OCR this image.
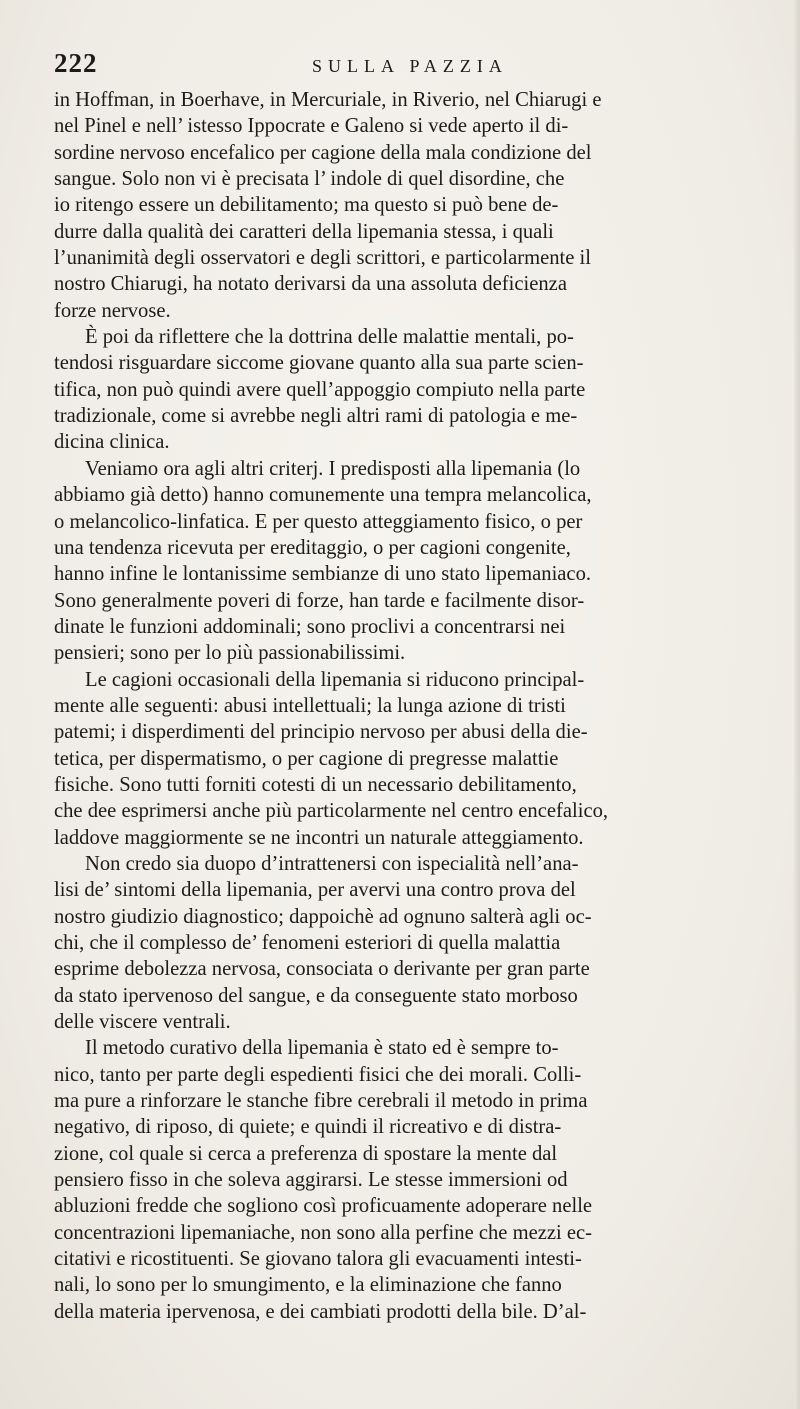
222	SULLA PAZZIA
in Hoffman, in Boerhave, in Mercuriale, in Riverio, nel Chiarugi e
nel Pinel e nell’ istesso Ippocrate e Galeno si vede aperto il di-
sordine nervoso encefalico per cagione della mala condizione del
sangue. Solo non vi è precisata l’ indole di quel disordine, che
io ritengo essere un debilitamento; ma questo si può bene de-
durre dalla qualità dei caratteri della lipemania stessa, i quali
l’unanimità degli osservatori e degli scrittori, e particolarmente il
nostro Chiarugi, ha notato derivarsi da una assoluta deficienza
forze nervose.
È poi da riflettere che la dottrina delle malattie mentali, po-
tendosi risguardare siccome giovane quanto alla sua parte scien-
tifica, non può quindi avere quell’appoggio compiuto nella parte
tradizionale, come si avrebbe negli altri rami di patologia e me-
dicina clinica.
Veniamo ora agli altri criterj. I predisposti alla lipemania (lo
abbiamo già detto) hanno comunemente una tempra melancolica,
o melancolico-linfatica. E per questo atteggiamento fisico, o per
una tendenza ricevuta per ereditaggio, o per cagioni congenite,
hanno infine le lontanissime sembianze di uno stato lipemaniaco.
Sono generalmente poveri di forze, han tarde e facilmente disor-
dinate le funzioni addominali; sono proclivi a concentrarsi nei
pensieri; sono per lo più passionabilissimi.
Le cagioni occasionali della lipemania si riducono principal-
mente alle seguenti: abusi intellettuali; la lunga azione di tristi
patemi; i disperdimenti del principio nervoso per abusi della die-
tetica, per dispermatismo, o per cagione di pregresse malattie
fisiche. Sono tutti forniti cotesti di un necessario debilitamento,
che dee esprimersi anche più particolarmente nel centro encefalico,
laddove maggiormente se ne incontri un naturale atteggiamento.
Non credo sia duopo d’intrattenersi con ispecialità nell’ana-
lisi de’ sintomi della lipemania, per avervi una contro prova del
nostro giudizio diagnostico; dappoichè ad ognuno salterà agli oc-
chi, che il complesso de’ fenomeni esteriori di quella malattia
esprime debolezza nervosa, consociata o derivante per gran parte
da stato ipervenoso del sangue, e da conseguente stato morboso
delle viscere ventrali.
Il metodo curativo della lipemania è stato ed è sempre to-
nico, tanto per parte degli espedienti fisici che dei morali. Colli-
ma pure a rinforzare le stanche fibre cerebrali il metodo in prima
negativo, di riposo, di quiete; e quindi il ricreativo e di distra-
zione, col quale si cerca a preferenza di spostare la mente dal
pensiero fisso in che soleva aggirarsi. Le stesse immersioni od
abluzioni fredde che sogliono così proficuamente adoperare nelle
concentrazioni lipemaniache, non sono alla perfine che mezzi ec-
citativi e ricostituenti. Se giovano talora gli evacuamenti intesti-
nali, lo sono per lo smungimento, e la eliminazione che fanno
della materia ipervenosa, e dei cambiati prodotti della bile. D’al-
